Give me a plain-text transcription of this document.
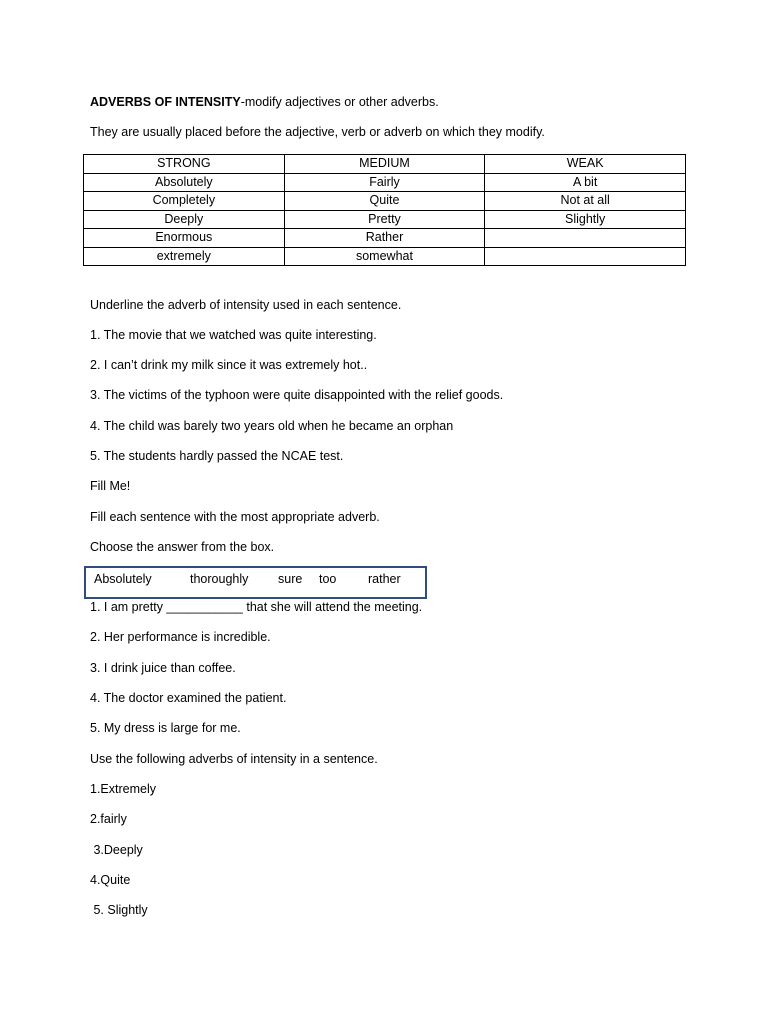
ADVERBS OF INTENSITY-modify adjectives or other adverbs.
They are usually placed before the adjective, verb or adverb on which they modify.
STRONG	MEDIUM	WEAK
Absolutely	Fairly	A bit
Completely	Quite	Not at all
Deeply	Pretty	Slightly
Enormous	Rather	
extremely	somewhat	
Underline the adverb of intensity used in each sentence.
1. The movie that we watched was quite interesting.
2. I can’t drink my milk since it was extremely hot..
3. The victims of the typhoon were quite disappointed with the relief goods.
4. The child was barely two years old when he became an orphan
5. The students hardly passed the NCAE test.
Fill Me!
Fill each sentence with the most appropriate adverb.
Choose the answer from the box.
Absolutely	thoroughly sure too	rather
1. I am pretty ___________ that she will attend the meeting.
2. Her performance is incredible.
3. I drink juice than coffee.
4. The doctor examined the patient.
5. My dress is large for me.
Use the following adverbs of intensity in a sentence.
1.Extremely
2.fairly
3.Deeply
4.Quite
5. Slightly
